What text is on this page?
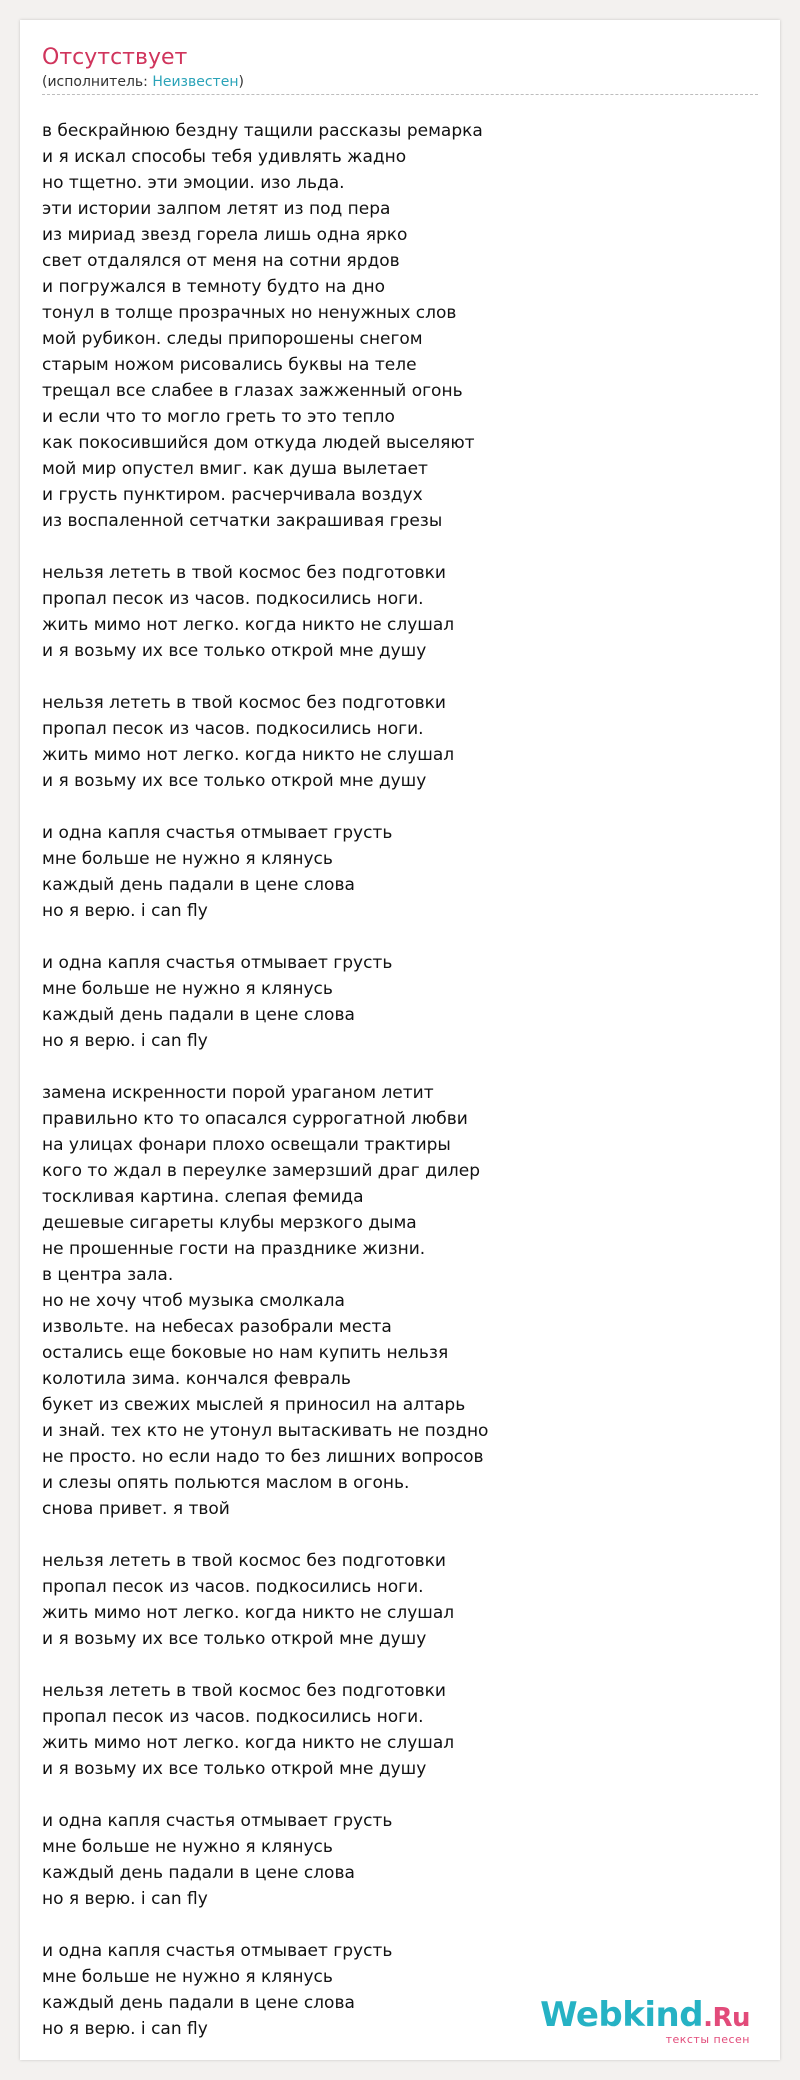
Отсутствует
(исполнитель: Неизвестен)
в бескрайнюю бездну тащили рассказы ремарка
и я искал способы тебя удивлять жадно
но тщетно. эти эмоции. изо льда.
эти истории залпом летят из под пера
из мириад звезд горела лишь одна ярко
свет отдалялся от меня на сотни ярдов
и погружался в темноту будто на дно
тонул в толще прозрачных но ненужных слов
мой рубикон. следы припорошены снегом
старым ножом рисовались буквы на теле
трещал все слабее в глазах зажженный огонь
и если что то могло греть то это тепло
как покосившийся дом откуда людей выселяют
мой мир опустел вмиг. как душа вылетает
и грусть пунктиром. расчерчивала воздух
из воспаленной сетчатки закрашивая грезы
нельзя лететь в твой космос без подготовки
пропал песок из часов. подкосились ноги.
жить мимо нот легко. когда никто не слушал
и я возьму их все только открой мне душу
нельзя лететь в твой космос без подготовки
пропал песок из часов. подкосились ноги.
жить мимо нот легко. когда никто не слушал
и я возьму их все только открой мне душу
и одна капля счастья отмывает грусть
мне больше не нужно я клянусь
каждый день падали в цене слова
но я верю. i can fly
и одна капля счастья отмывает грусть
мне больше не нужно я клянусь
каждый день падали в цене слова
но я верю. i can fly
замена искренности порой ураганом летит
правильно кто то опасался суррогатной любви
на улицах фонари плохо освещали трактиры
кого то ждал в переулке замерзший драг дилер
тоскливая картина. слепая фемида
дешевые сигареты клубы мерзкого дыма
не прошенные гости на празднике жизни.
в центра зала.
но не хочу чтоб музыка смолкала
извольте. на небесах разобрали места
остались еще боковые но нам купить нельзя
колотила зима. кончался февраль
букет из свежих мыслей я приносил на алтарь
и знай. тех кто не утонул вытаскивать не поздно
не просто. но если надо то без лишних вопросов
и слезы опять польются маслом в огонь.
снова привет. я твой
нельзя лететь в твой космос без подготовки
пропал песок из часов. подкосились ноги.
жить мимо нот легко. когда никто не слушал
и я возьму их все только открой мне душу
нельзя лететь в твой космос без подготовки
пропал песок из часов. подкосились ноги.
жить мимо нот легко. когда никто не слушал
и я возьму их все только открой мне душу
и одна капля счастья отмывает грусть
мне больше не нужно я клянусь
каждый день падали в цене слова
но я верю. i can fly
и одна капля счастья отмывает грусть
мне больше не нужно я клянусь
каждый день падали в цене слова
но я верю. i can fly	Webkind.Ru
тексты песен
